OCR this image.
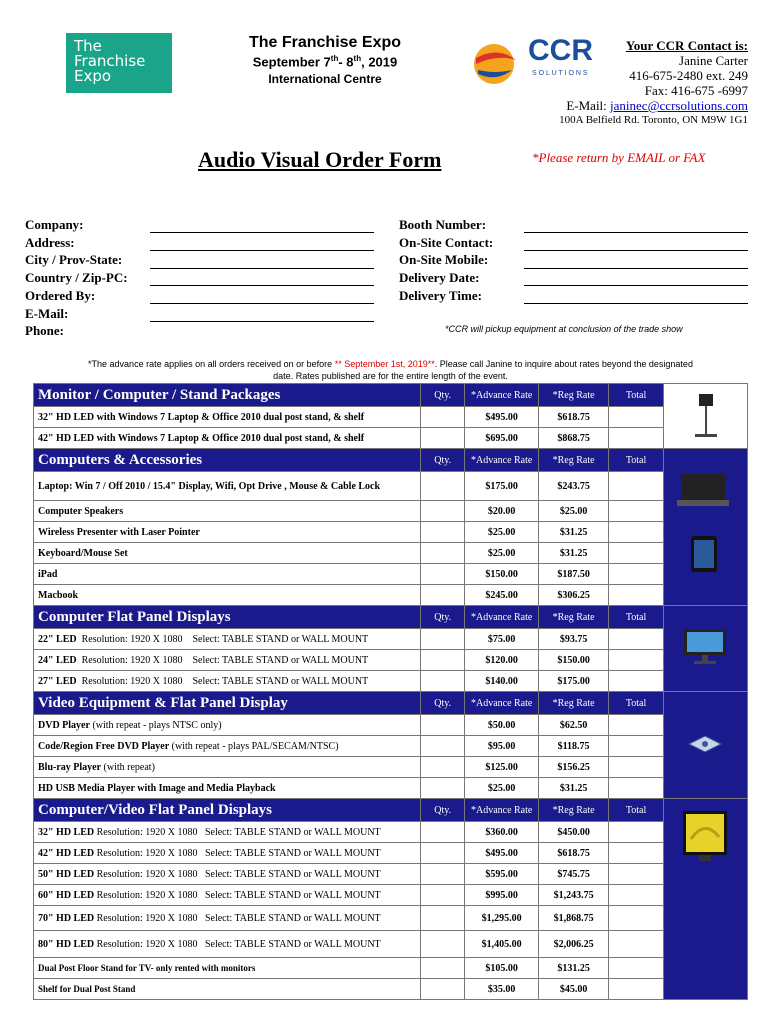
The
Franchise
Expo
The Franchise Expo
September 7th- 8th, 2019
International Centre
CCR
S O L U T I O N S
Your CCR Contact is:
Janine Carter
416-675-2480 ext. 249
Fax: 416-675 -6997
E-Mail: janinec@ccrsolutions.com
100A Belfield Rd. Toronto, ON M9W 1G1
Audio Visual Order Form	*Please return by EMAIL or FAX
Company:
Address:
City / Prov-State:
Country / Zip-PC:
Ordered By:
E-Mail:
Phone:
Booth Number:
On-Site Contact:
On-Site Mobile:
Delivery Date:
Delivery Time:
*CCR will pickup equipment at conclusion of the trade show
*The advance rate applies on all orders received on or before ** September 1st, 2019**. Please call Janine to inquire about rates beyond the designated
date. Rates published are for the entire length of the event.
Monitor / Computer / Stand Packages	Qty.	*Advance Rate	*Reg Rate	Total	
32" HD LED with Windows 7 Laptop & Office 2010 dual post stand, & shelf		$495.00	$618.75		
42" HD LED with Windows 7 Laptop & Office 2010 dual post stand, & shelf		$695.00	$868.75		
Computers & Accessories	Qty.	*Advance Rate	*Reg Rate	Total	
Laptop: Win 7 / Off 2010 / 15.4" Display, Wifi, Opt Drive , Mouse & Cable Lock		$175.00	$243.75		
Computer Speakers		$20.00	$25.00		
Wireless Presenter with Laser Pointer		$25.00	$31.25		
Keyboard/Mouse Set		$25.00	$31.25		
iPad		$150.00	$187.50		
Macbook		$245.00	$306.25		
Computer Flat Panel Displays	Qty.	*Advance Rate	*Reg Rate	Total	
22" LED Resolution: 1920 X 1080 Select: TABLE STAND or WALL MOUNT		$75.00	$93.75		
24" LED Resolution: 1920 X 1080 Select: TABLE STAND or WALL MOUNT		$120.00	$150.00		
27" LED Resolution: 1920 X 1080 Select: TABLE STAND or WALL MOUNT		$140.00	$175.00		
Video Equipment & Flat Panel Display	Qty.	*Advance Rate	*Reg Rate	Total	
DVD Player (with repeat - plays NTSC only)		$50.00	$62.50		
Code/Region Free DVD Player (with repeat - plays PAL/SECAM/NTSC)		$95.00	$118.75		
Blu-ray Player (with repeat)		$125.00	$156.25		
HD USB Media Player with Image and Media Playback		$25.00	$31.25		
Computer/Video Flat Panel Displays	Qty.	*Advance Rate	*Reg Rate	Total	
32" HD LED Resolution: 1920 X 1080 Select: TABLE STAND or WALL MOUNT		$360.00	$450.00		
42" HD LED Resolution: 1920 X 1080 Select: TABLE STAND or WALL MOUNT		$495.00	$618.75		
50" HD LED Resolution: 1920 X 1080 Select: TABLE STAND or WALL MOUNT		$595.00	$745.75		
60" HD LED Resolution: 1920 X 1080 Select: TABLE STAND or WALL MOUNT		$995.00	$1,243.75		
70" HD LED Resolution: 1920 X 1080 Select: TABLE STAND or WALL MOUNT		$1,295.00	$1,868.75		
80" HD LED Resolution: 1920 X 1080 Select: TABLE STAND or WALL MOUNT		$1,405.00	$2,006.25		
Dual Post Floor Stand for TV- only rented with monitors		$105.00	$131.25		
Shelf for Dual Post Stand		$35.00	$45.00		
